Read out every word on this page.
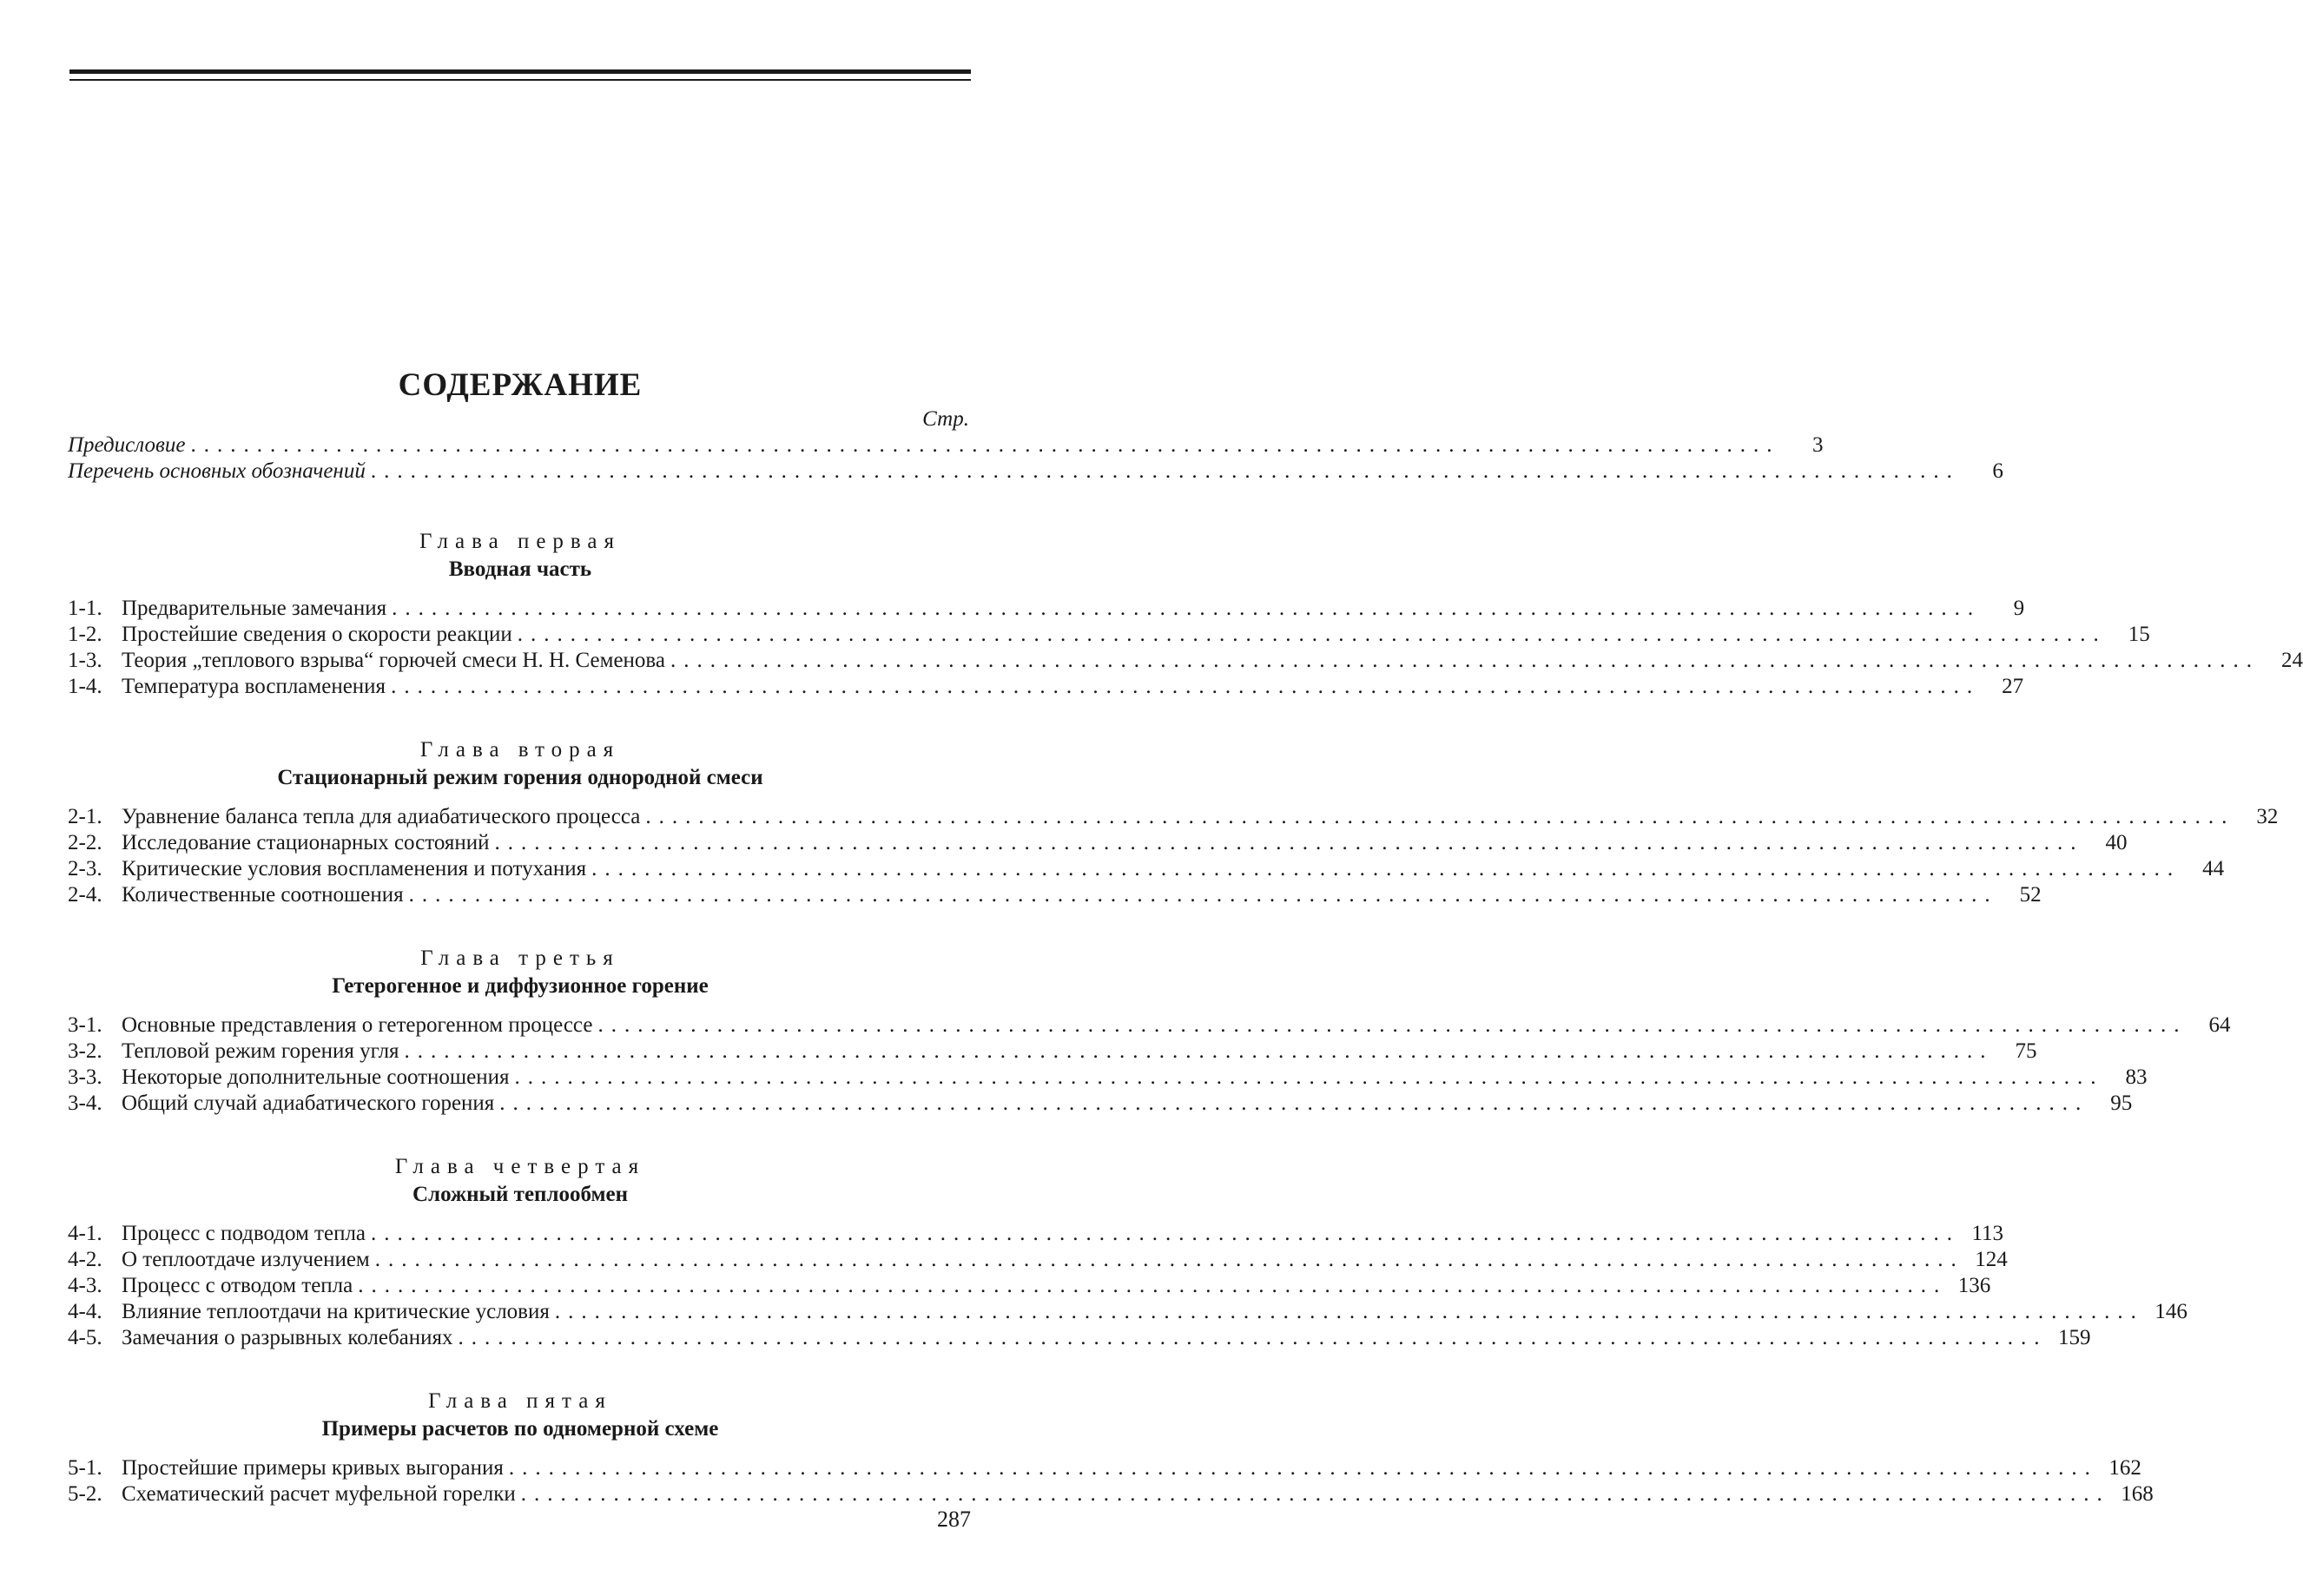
СОДЕРЖАНИЕ
Стр.
Предисловие ........................................................................................................................	3
Перечень основных обозначений ........................................................................................................................	6
Глава первая
Вводная часть
1-1. Предварительные замечания ........................................................................................................................	9
1-2. Простейшие сведения о скорости реакции ........................................................................................................................	15
1-3. Теория „теплового взрыва“ горючей смеси Н. Н. Семенова ........................................................................................................................	24
1-4. Температура воспламенения ........................................................................................................................	27
Глава вторая
Стационарный режим горения однородной смеси
2-1. Уравнение баланса тепла для адиабатического процесса ........................................................................................................................	32
2-2. Исследование стационарных состояний ........................................................................................................................	40
2-3. Критические условия воспламенения и потухания ........................................................................................................................	44
2-4. Количественные соотношения ........................................................................................................................	52
Глава третья
Гетерогенное и диффузионное горение
3-1. Основные представления о гетерогенном процессе ........................................................................................................................	64
3-2. Тепловой режим горения угля ........................................................................................................................	75
3-3. Некоторые дополнительные соотношения ........................................................................................................................	83
3-4. Общий случай адиабатического горения ........................................................................................................................	95
Глава четвертая
Сложный теплообмен
4-1. Процесс с подводом тепла ........................................................................................................................ 113
4-2. О теплоотдаче излучением ........................................................................................................................ 124
4-3. Процесс с отводом тепла ........................................................................................................................ 136
4-4. Влияние теплоотдачи на критические условия ........................................................................................................................ 146
4-5. Замечания о разрывных колебаниях ........................................................................................................................ 159
Глава пятая
Примеры расчетов по одномерной схеме
5-1. Простейшие примеры кривых выгорания ........................................................................................................................ 162
5-2. Схематический расчет муфельной горелки ........................................................................................................................ 168
287
